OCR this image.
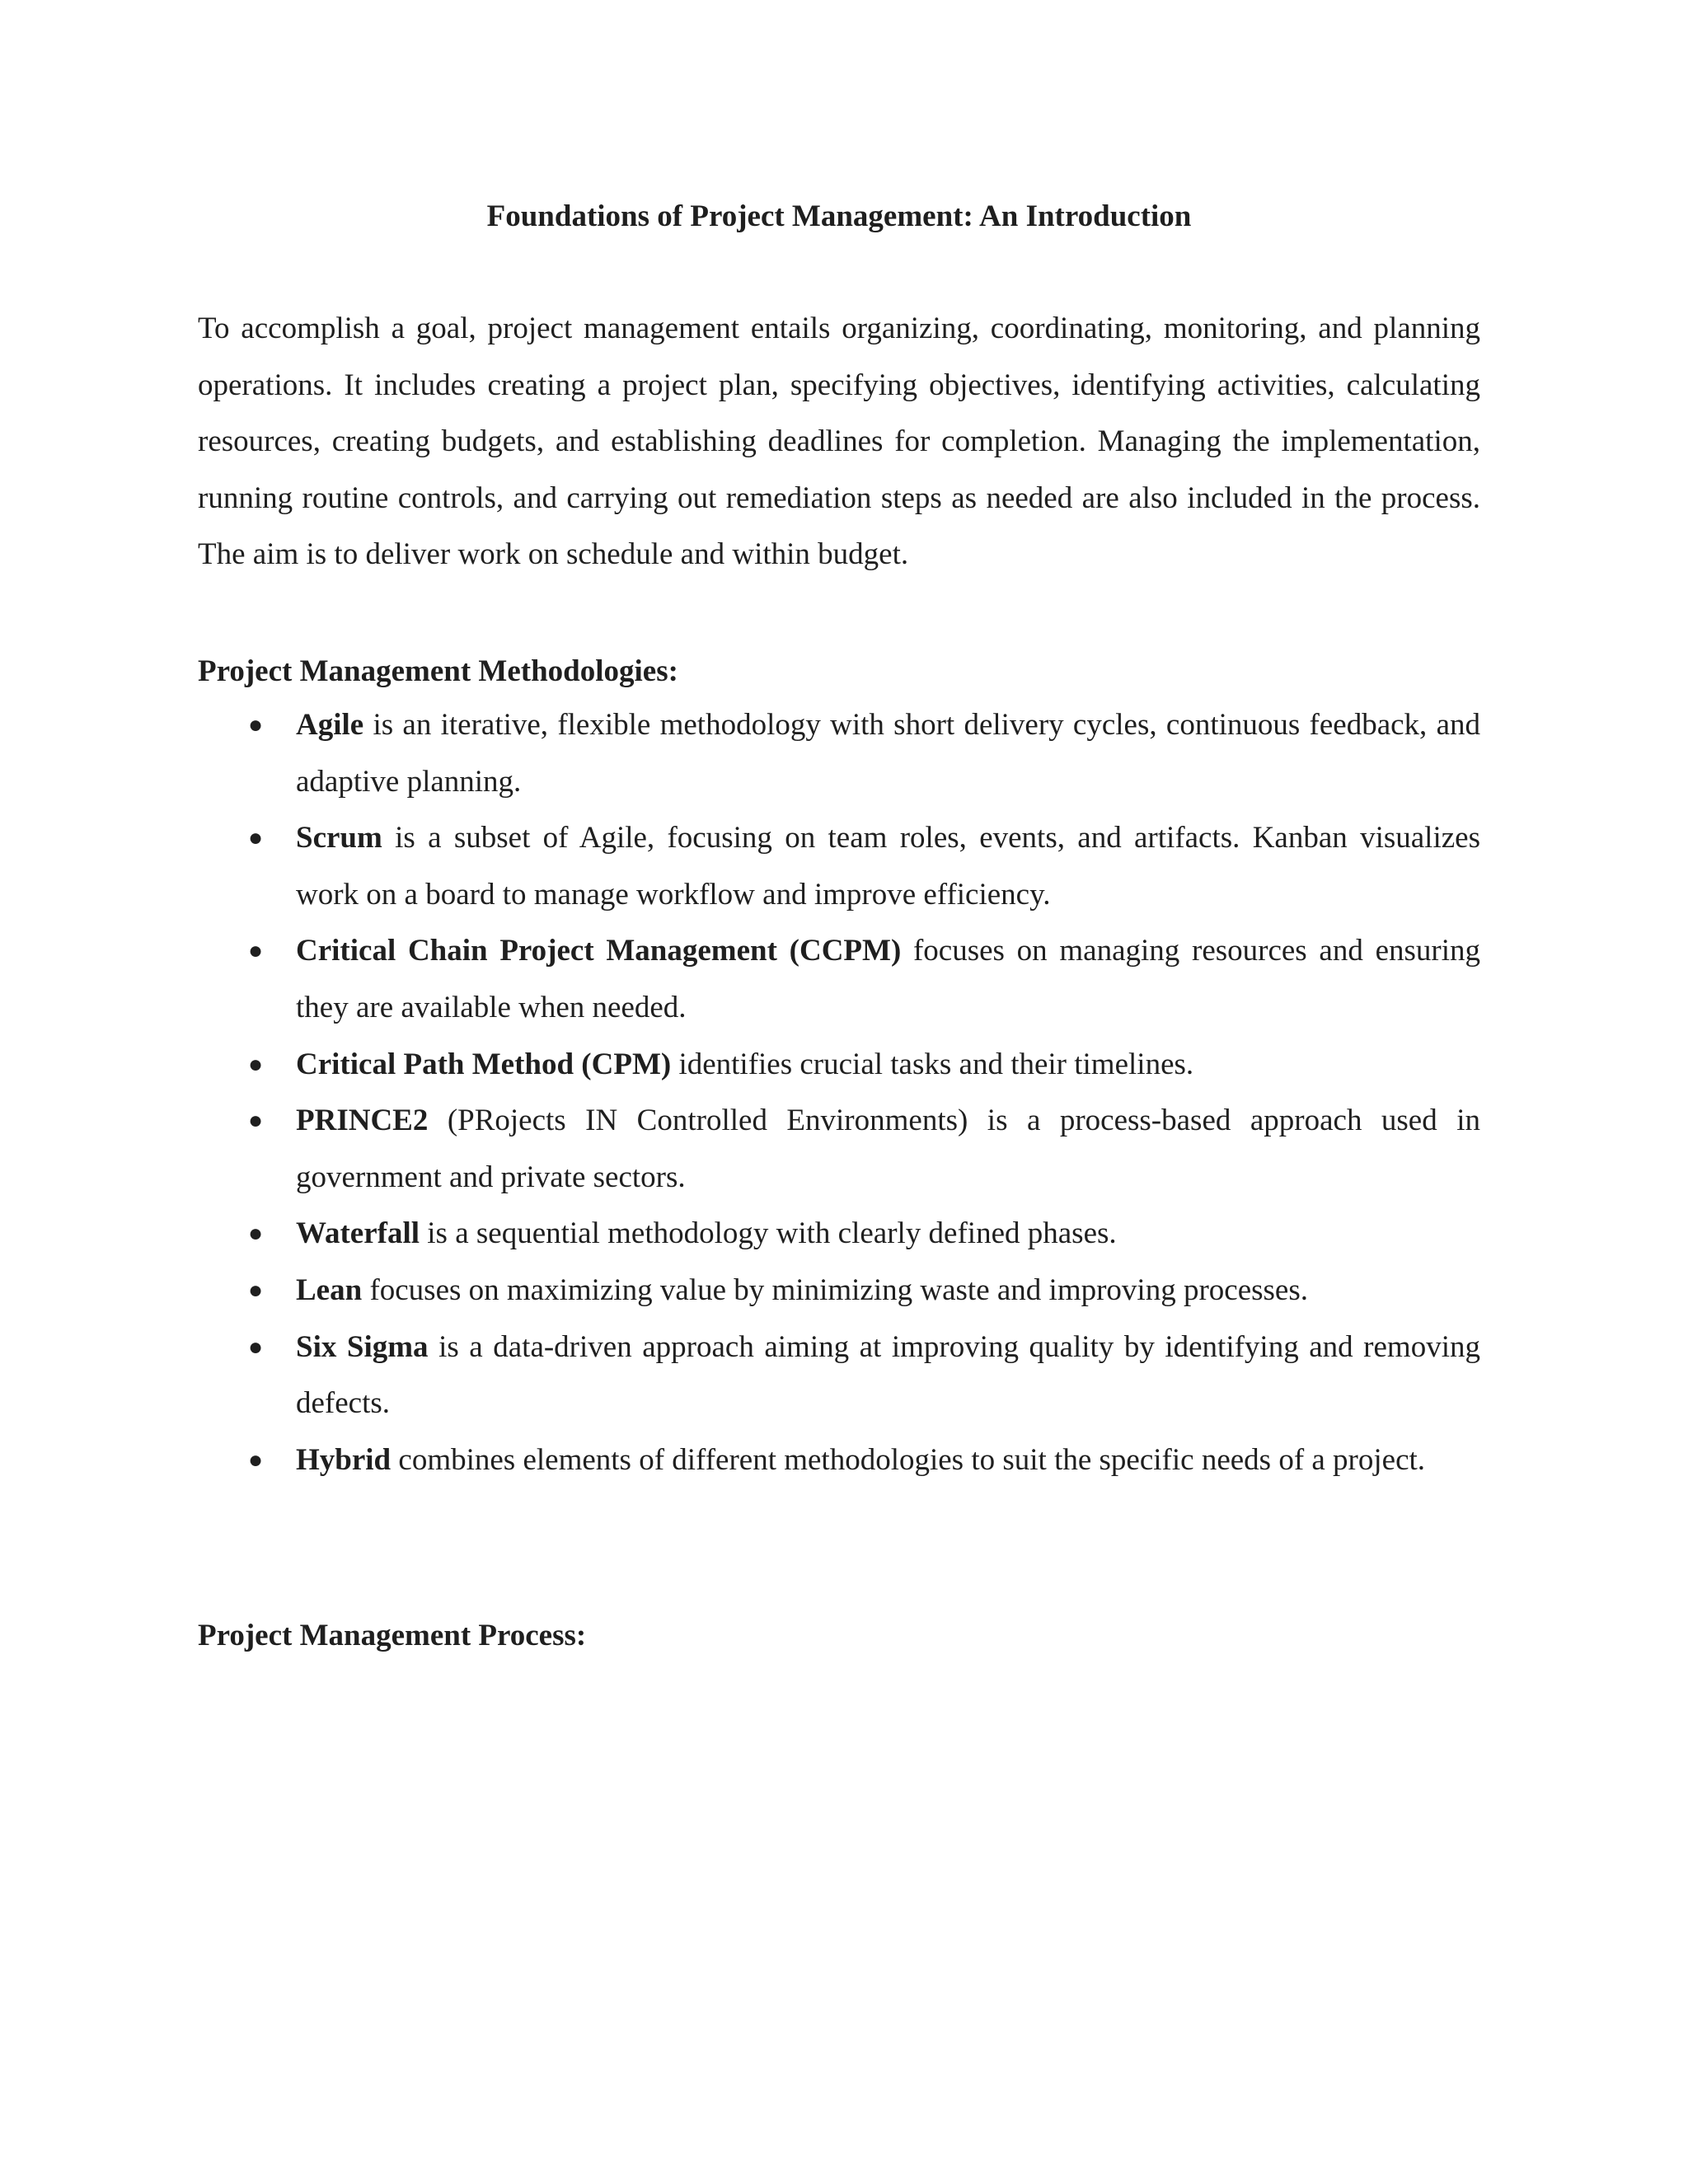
Foundations of Project Management: An Introduction

To accomplish a goal, project management entails organizing, coordinating, monitoring, and planning operations. It includes creating a project plan, specifying objectives, identifying activities, calculating resources, creating budgets, and establishing deadlines for completion. Managing the implementation, running routine controls, and carrying out remediation steps as needed are also included in the process. The aim is to deliver work on schedule and within budget.

Project Management Methodologies:
● Agile is an iterative, flexible methodology with short delivery cycles, continuous feedback, and adaptive planning.
● Scrum is a subset of Agile, focusing on team roles, events, and artifacts. Kanban visualizes work on a board to manage workflow and improve efficiency.
● Critical Chain Project Management (CCPM) focuses on managing resources and ensuring they are available when needed.
● Critical Path Method (CPM) identifies crucial tasks and their timelines.
● PRINCE2 (PRojects IN Controlled Environments) is a process-based approach used in government and private sectors.
● Waterfall is a sequential methodology with clearly defined phases.
● Lean focuses on maximizing value by minimizing waste and improving processes.
● Six Sigma is a data-driven approach aiming at improving quality by identifying and removing defects.
● Hybrid combines elements of different methodologies to suit the specific needs of a project.
Project Management Process:
